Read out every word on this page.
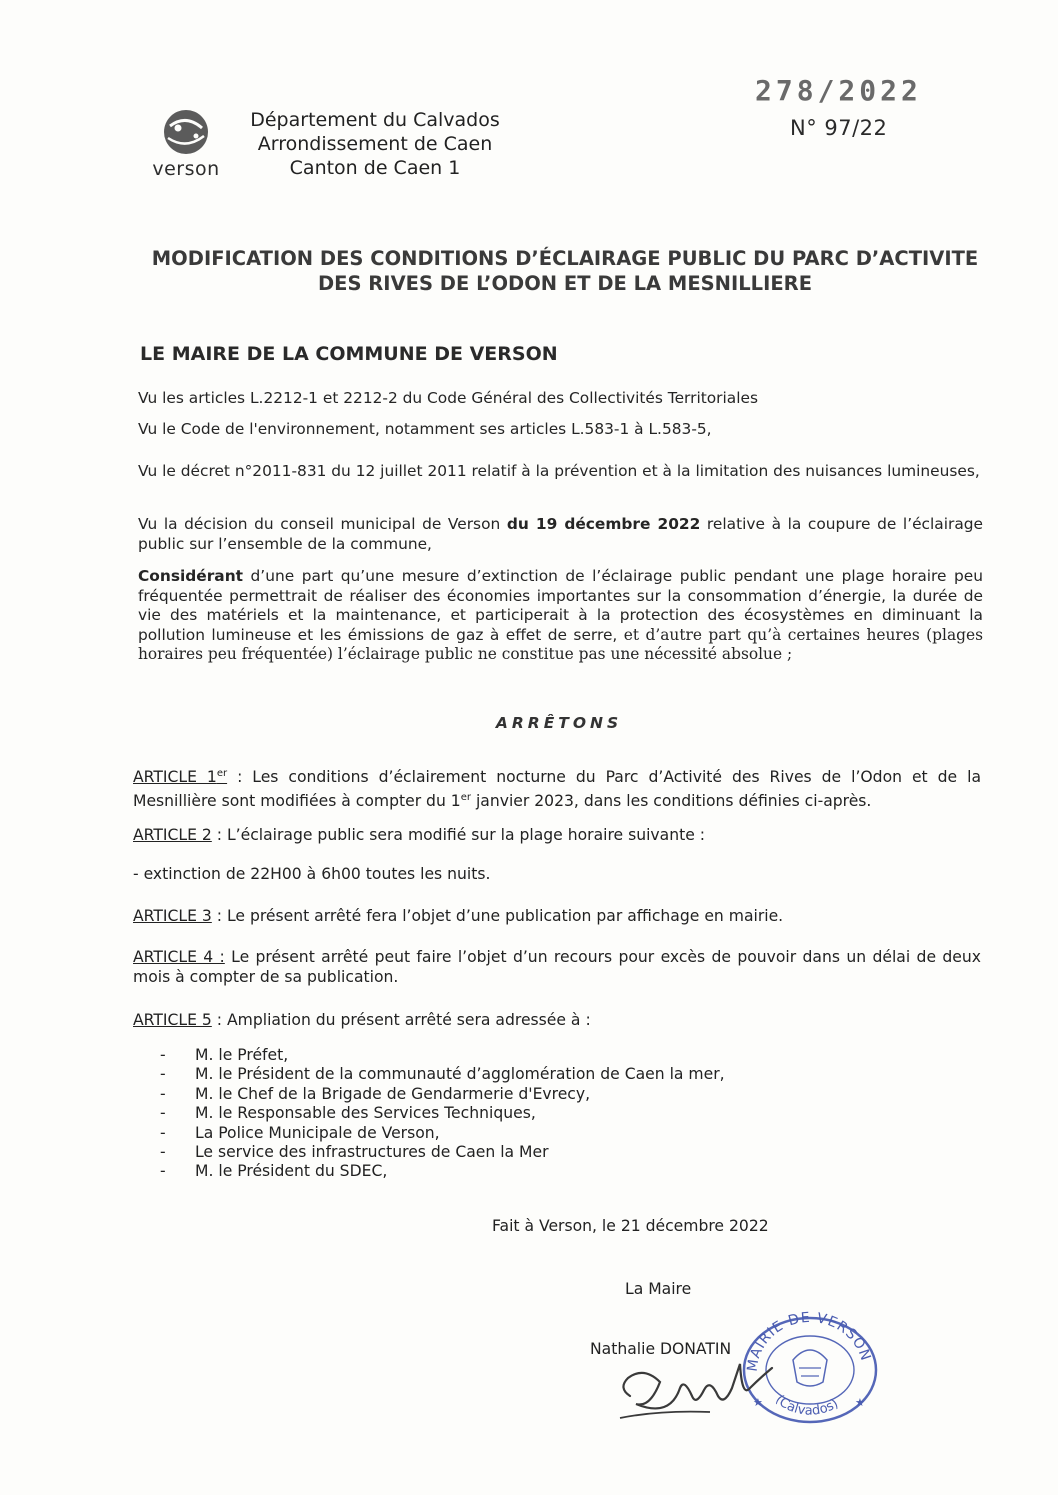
verson
Département du Calvados
Arrondissement de Caen
Canton de Caen 1
278/2022
N° 97/22
MODIFICATION DES CONDITIONS D’ÉCLAIRAGE PUBLIC DU PARC D’ACTIVITE
DES RIVES DE L’ODON ET DE LA MESNILLIERE
LE MAIRE DE LA COMMUNE DE VERSON
Vu les articles L.2212-1 et 2212-2 du Code Général des Collectivités Territoriales
Vu le Code de l'environnement, notamment ses articles L.583-1 à L.583-5,
Vu le décret n°2011-831 du 12 juillet 2011 relatif à la prévention et à la limitation des nuisances lumineuses,
Vu la décision du conseil municipal de Verson du 19 décembre 2022 relative à la coupure de l’éclairage public sur l’ensemble de la commune,
Considérant d’une part qu’une mesure d’extinction de l’éclairage public pendant une plage horaire peu fréquentée permettrait de réaliser des économies importantes sur la consommation d’énergie, la durée de vie des matériels et la maintenance, et participerait à la protection des écosystèmes en diminuant la pollution lumineuse et les émissions de gaz à effet de serre, et d’autre part qu’à certaines heures (plages horaires peu fréquentée) l’éclairage public ne constitue pas une nécessité absolue ;
ARRÊTONS
ARTICLE 1er : Les conditions d’éclairement nocturne du Parc d’Activité des Rives de l’Odon et de la Mesnillière sont modifiées à compter du 1er janvier 2023, dans les conditions définies ci-après.
ARTICLE 2 : L’éclairage public sera modifié sur la plage horaire suivante :
- extinction de 22H00 à 6h00 toutes les nuits.
ARTICLE 3 : Le présent arrêté fera l’objet d’une publication par affichage en mairie.
ARTICLE 4 : Le présent arrêté peut faire l’objet d’un recours pour excès de pouvoir dans un délai de deux mois à compter de sa publication.
ARTICLE 5 : Ampliation du présent arrêté sera adressée à :
- M. le Préfet,
- M. le Président de la communauté d’agglomération de Caen la mer,
- M. le Chef de la Brigade de Gendarmerie d'Evrecy,
- M. le Responsable des Services Techniques,
- La Police Municipale de Verson,
- Le service des infrastructures de Caen la Mer
- M. le Président du SDEC,
Fait à Verson, le 21 décembre 2022
La Maire
Nathalie DONATIN
MAIRIE DE VERSON
(Calvados)
★	★
